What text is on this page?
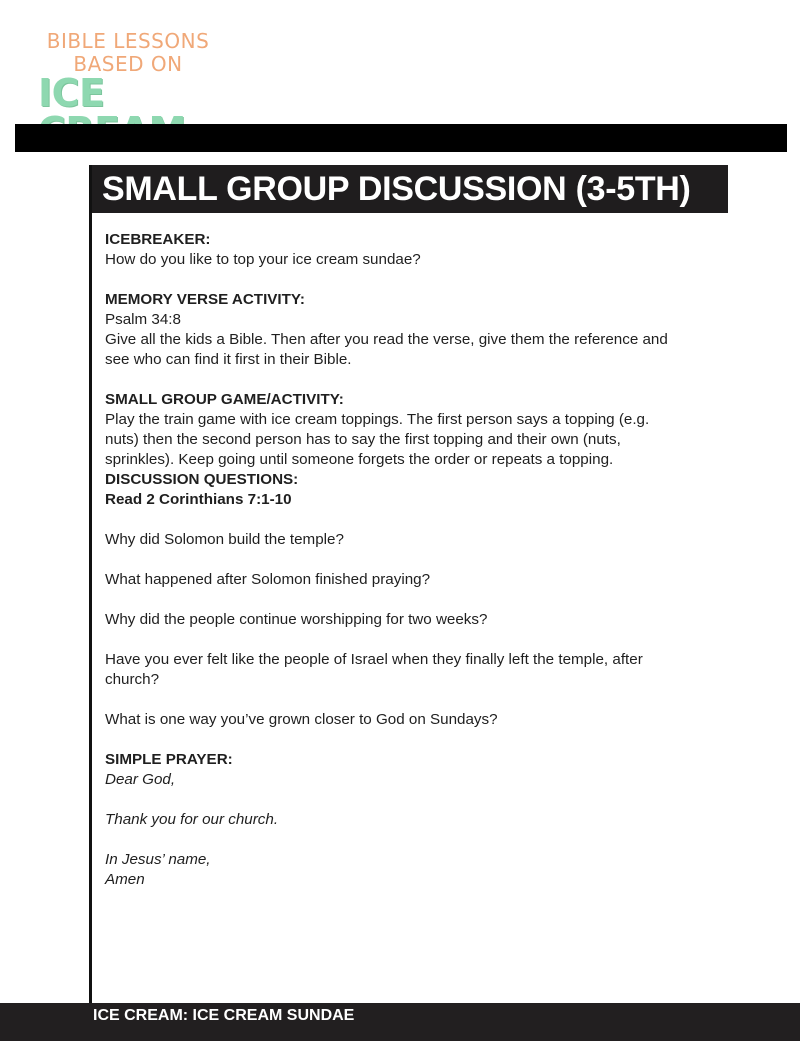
BIBLE LESSONS
BASED ON
ICE
SMALL GROUP DISCUSSION (3-5TH)

ICEBREAKER:

How do you like to top your ice cream sundae?

MEMORY VERSE ACTIVITY:

Psalm 34:8

Give all the kids a Bible. Then after you read the verse, give them the reference and

see who can find it first in their Bible.

SMALL GROUP GAME/ACTIVITY:

Play the train game with ice cream toppings. The first person says a topping (e.g.

nuts) then the second person has to say the first topping and their own (nuts,

sprinkles). Keep going until someone forgets the order or repeats a topping.

DISCUSSION QUESTIONS:

Read 2 Corinthians 7:1-10

Why did Solomon build the temple?

What happened after Solomon finished praying?

Why did the people continue worshipping for two weeks?

Have you ever felt like the people of Israel when they finally left the temple, after

church?

What is one way you’ve grown closer to God on Sundays?

SIMPLE PRAYER:

Dear God,

Thank you for our church.

In Jesus’ name,

Amen

ICE CREAM: ICE CREAM SUNDAE
